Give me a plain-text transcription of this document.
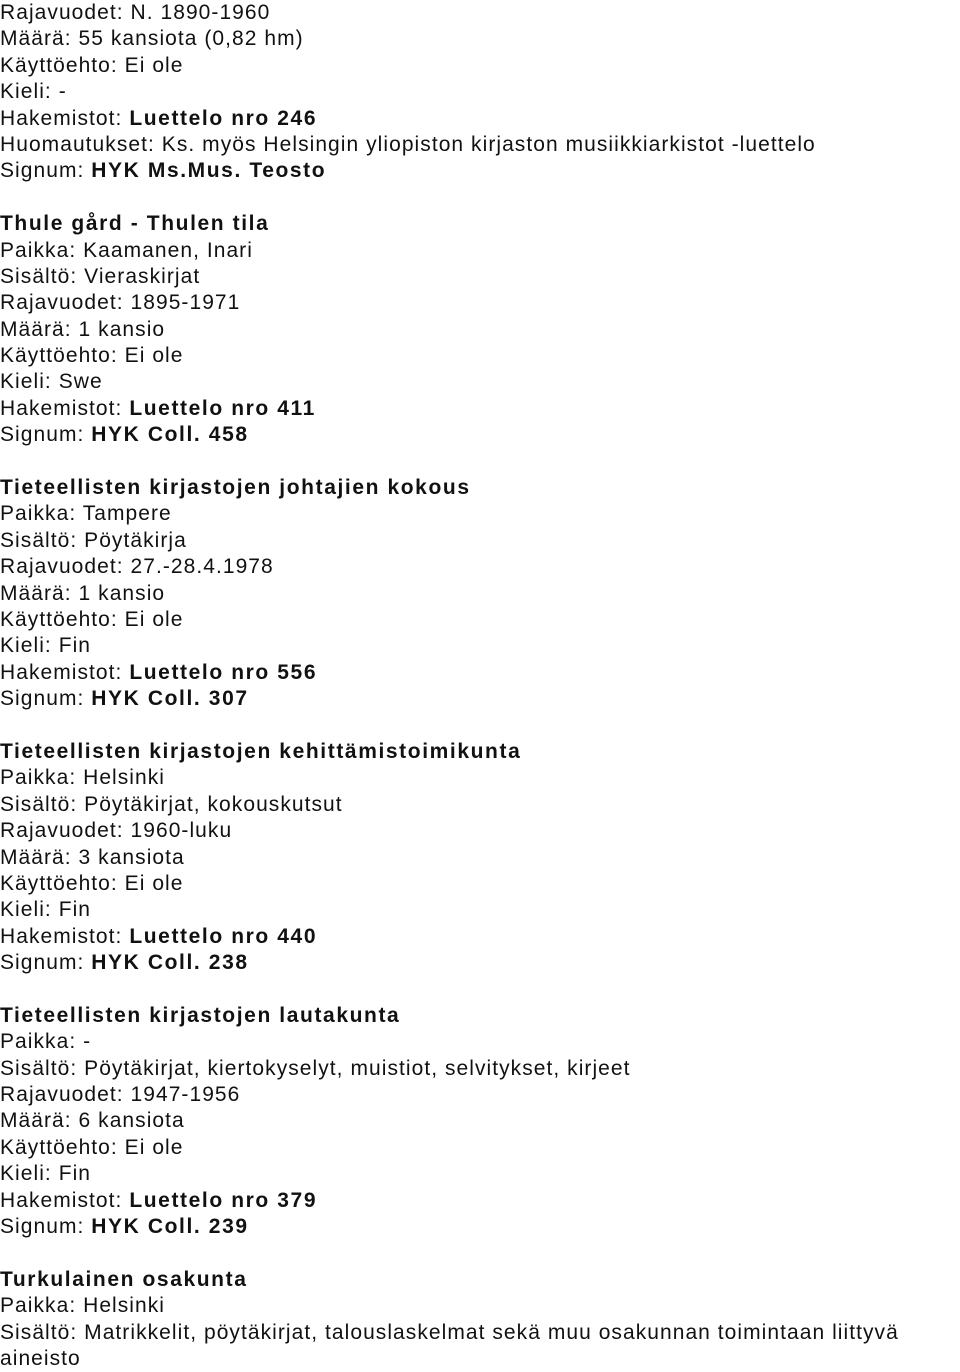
Rajavuodet: N. 1890-1960
Määrä: 55 kansiota (0,82 hm)
Käyttöehto: Ei ole
Kieli: -
Hakemistot: Luettelo nro 246
Huomautukset: Ks. myös Helsingin yliopiston kirjaston musiikkiarkistot -luettelo
Signum: HYK Ms.Mus. Teosto
Thule gård - Thulen tila
Paikka: Kaamanen, Inari
Sisältö: Vieraskirjat
Rajavuodet: 1895-1971
Määrä: 1 kansio
Käyttöehto: Ei ole
Kieli: Swe
Hakemistot: Luettelo nro 411
Signum: HYK Coll. 458
Tieteellisten kirjastojen johtajien kokous
Paikka: Tampere
Sisältö: Pöytäkirja
Rajavuodet: 27.-28.4.1978
Määrä: 1 kansio
Käyttöehto: Ei ole
Kieli: Fin
Hakemistot: Luettelo nro 556
Signum: HYK Coll. 307
Tieteellisten kirjastojen kehittämistoimikunta
Paikka: Helsinki
Sisältö: Pöytäkirjat, kokouskutsut
Rajavuodet: 1960-luku
Määrä: 3 kansiota
Käyttöehto: Ei ole
Kieli: Fin
Hakemistot: Luettelo nro 440
Signum: HYK Coll. 238
Tieteellisten kirjastojen lautakunta
Paikka: -
Sisältö: Pöytäkirjat, kiertokyselyt, muistiot, selvitykset, kirjeet
Rajavuodet: 1947-1956
Määrä: 6 kansiota
Käyttöehto: Ei ole
Kieli: Fin
Hakemistot: Luettelo nro 379
Signum: HYK Coll. 239
Turkulainen osakunta
Paikka: Helsinki
Sisältö: Matrikkelit, pöytäkirjat, talouslaskelmat sekä muu osakunnan toimintaan liittyvä
aineisto
